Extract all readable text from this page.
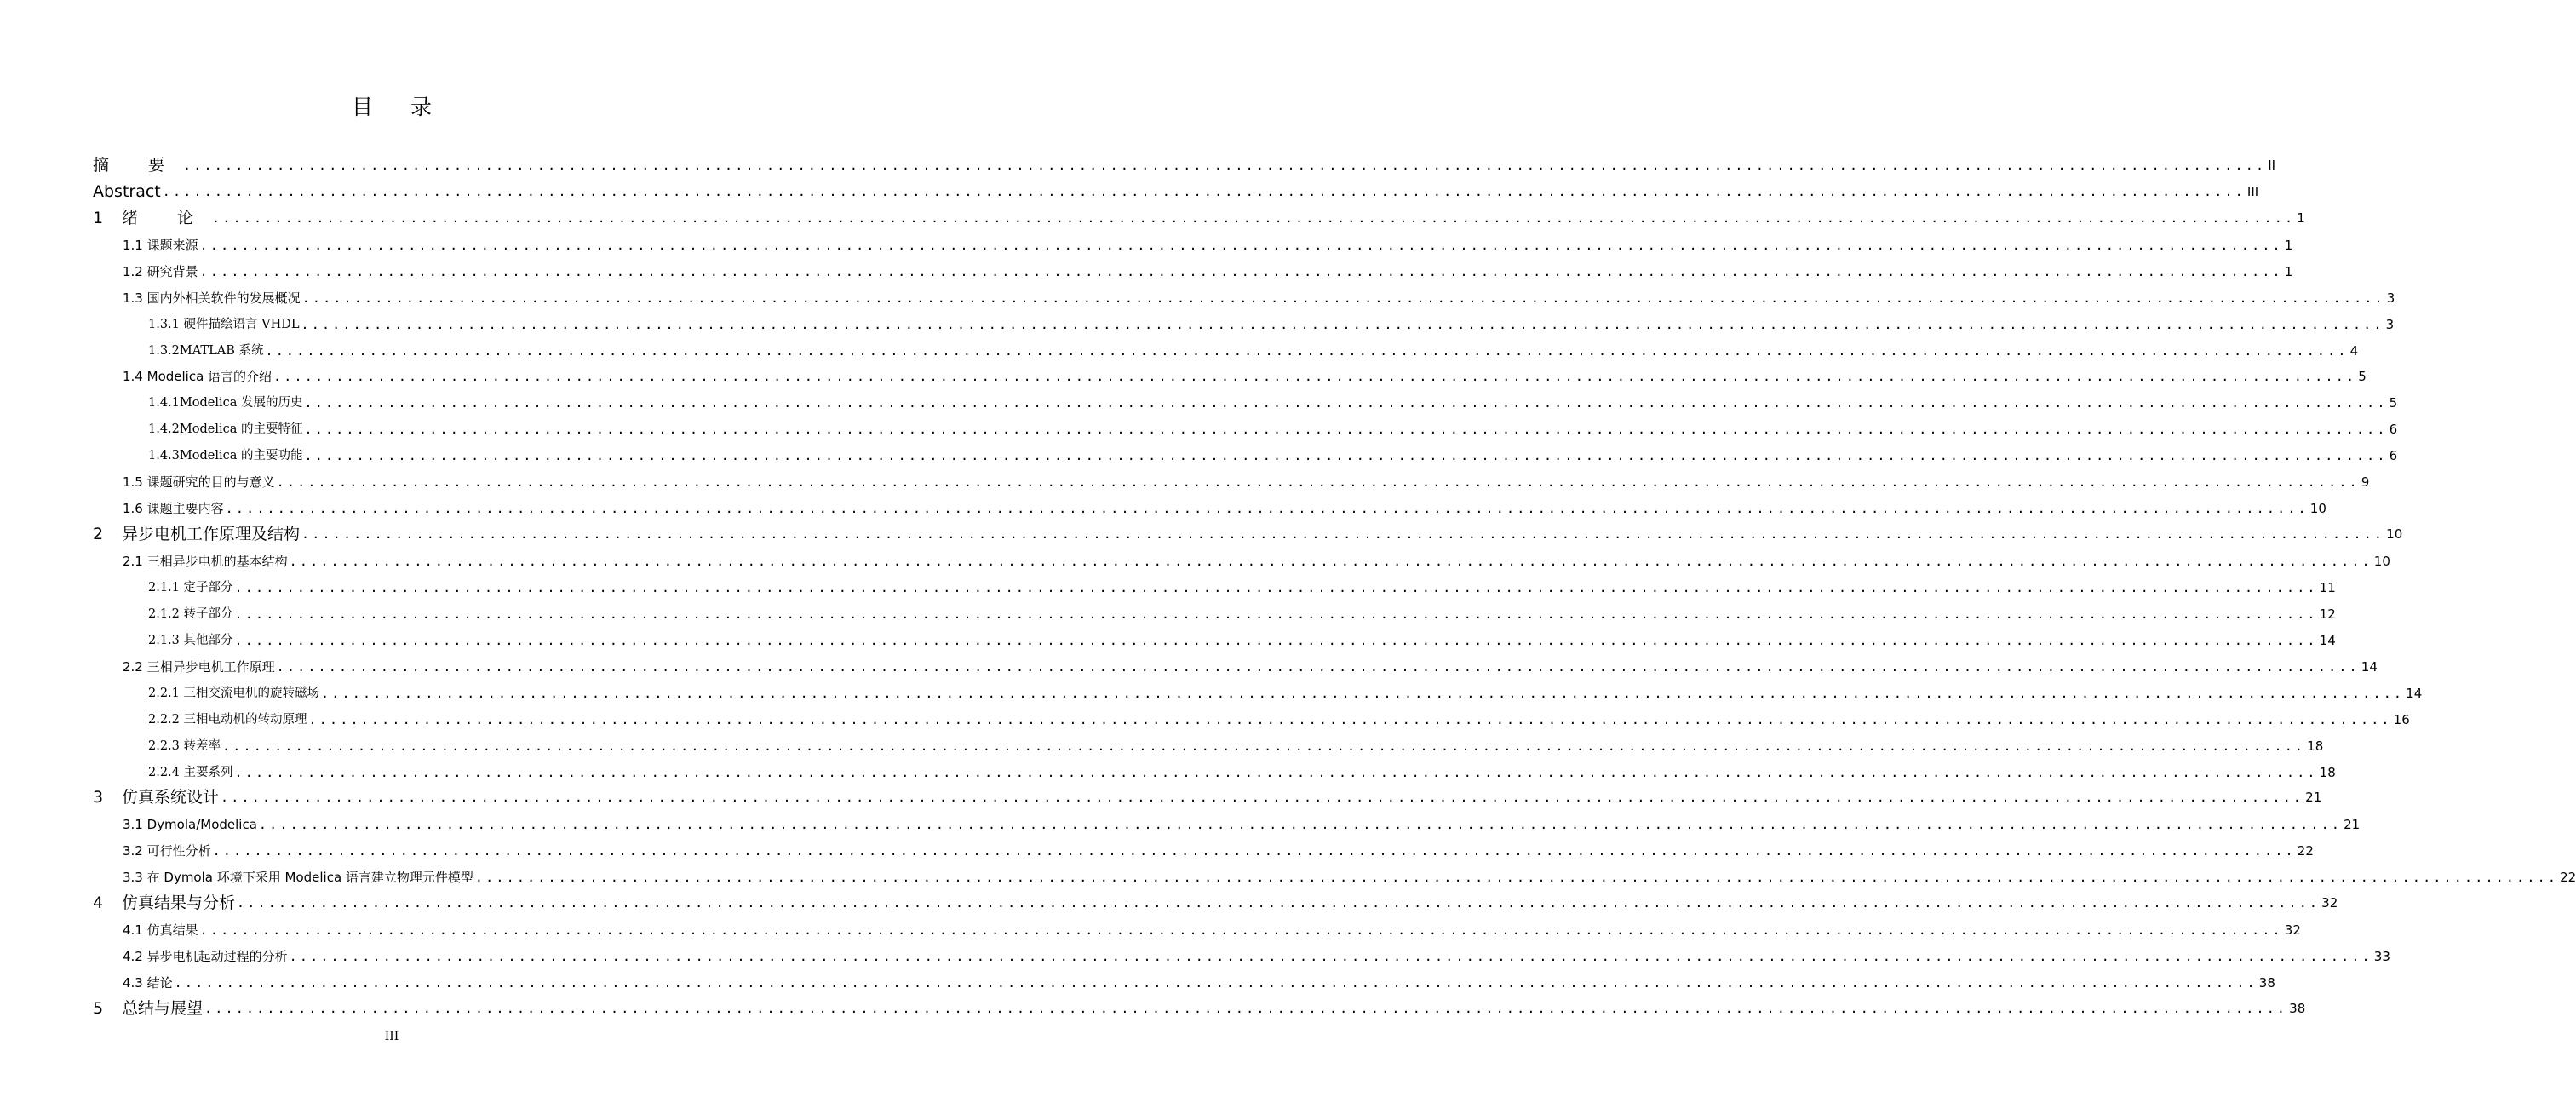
目录
摘 要 ........................................................................................................................................................................................................ II
Abstract ........................................................................................................................................................................................................ III
1 绪 论 ........................................................................................................................................................................................................ 1
1.1 课题来源 ........................................................................................................................................................................................................ 1
1.2 研究背景 ........................................................................................................................................................................................................ 1
1.3 国内外相关软件的发展概况 ........................................................................................................................................................................................................ 3
1.3.1 硬件描绘语言 VHDL ........................................................................................................................................................................................................ 3
1.3.2MATLAB 系统 ........................................................................................................................................................................................................ 4
1.4 Modelica 语言的介绍 ........................................................................................................................................................................................................ 5
1.4.1Modelica 发展的历史 ........................................................................................................................................................................................................ 5
1.4.2Modelica 的主要特征 ........................................................................................................................................................................................................ 6
1.4.3Modelica 的主要功能 ........................................................................................................................................................................................................ 6
1.5 课题研究的目的与意义 ........................................................................................................................................................................................................ 9
1.6 课题主要内容 ........................................................................................................................................................................................................ 10
2 异步电机工作原理及结构 ........................................................................................................................................................................................................ 10
2.1 三相异步电机的基本结构 ........................................................................................................................................................................................................ 10
2.1.1 定子部分 ........................................................................................................................................................................................................ 11
2.1.2 转子部分 ........................................................................................................................................................................................................ 12
2.1.3 其他部分 ........................................................................................................................................................................................................ 14
2.2 三相异步电机工作原理 ........................................................................................................................................................................................................ 14
2.2.1 三相交流电机的旋转磁场 ........................................................................................................................................................................................................ 14
2.2.2 三相电动机的转动原理 ........................................................................................................................................................................................................ 16
2.2.3 转差率 ........................................................................................................................................................................................................ 18
2.2.4 主要系列 ........................................................................................................................................................................................................ 18
3 仿真系统设计 ........................................................................................................................................................................................................ 21
3.1 Dymola/Modelica ........................................................................................................................................................................................................ 21
3.2 可行性分析 ........................................................................................................................................................................................................ 22
3.3 在 Dymola 环境下采用 Modelica 语言建立物理元件模型 ........................................................................................................................................................................................................ 22
4 仿真结果与分析 ........................................................................................................................................................................................................ 32
4.1 仿真结果 ........................................................................................................................................................................................................ 32
4.2 异步电机起动过程的分析 ........................................................................................................................................................................................................ 33
4.3 结论 ........................................................................................................................................................................................................ 38
5 总结与展望 ........................................................................................................................................................................................................ 38
III
